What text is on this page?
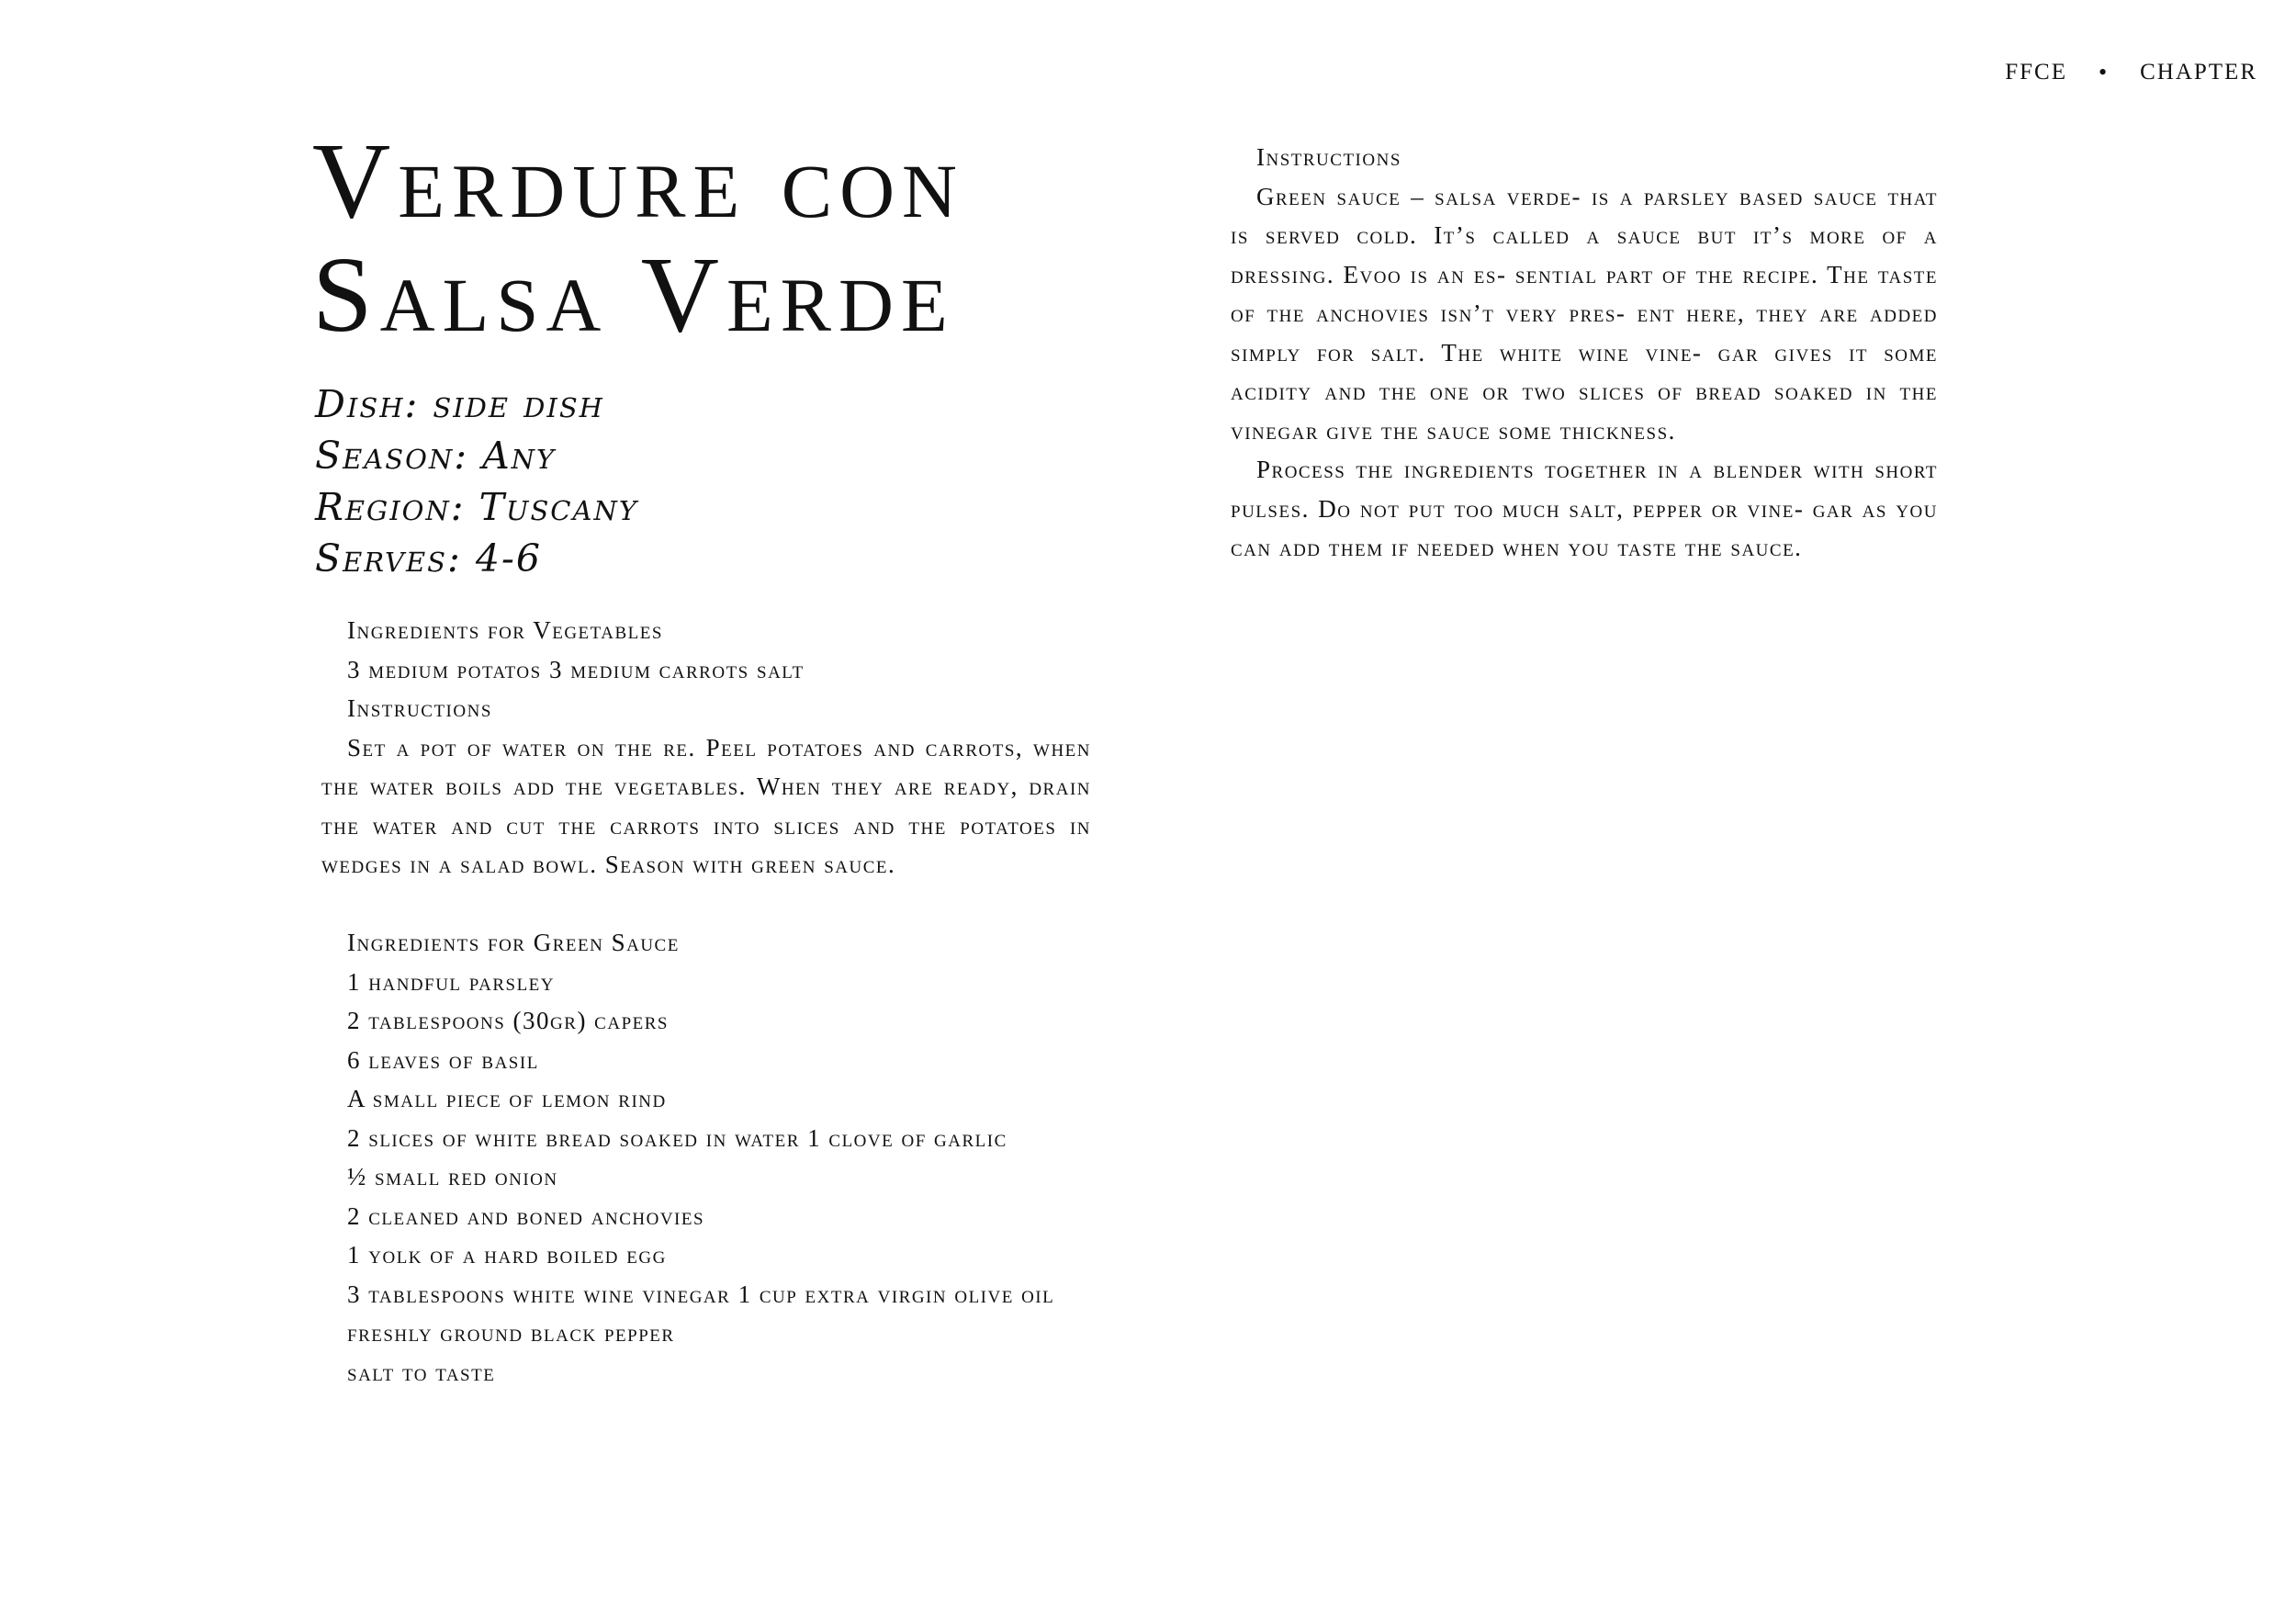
FFCE • CHAPTER
Verdure con
Salsa Verde
Dish: side dish
Season: Any
Region: Tuscany
Serves: 4-6
Ingredients for Vegetables
3 medium potatos 3 medium carrots salt
Instructions

Set a pot of water on the re. Peel potatoes and carrots, when the water boils add the vegetables. When they are ready, drain the water and cut the carrots into slices and the potatoes in wedges in a salad bowl. Season with green sauce.

Ingredients for Green Sauce
1 handful parsley
2 tablespoons (30gr) capers
6 leaves of basil
A small piece of lemon rind
2 slices of white bread soaked in water 1 clove of garlic
½ small red onion
2 cleaned and boned anchovies
1 yolk of a hard boiled egg

3 tablespoons white wine vinegar 1 cup extra virgin olive oil

freshly ground black pepper
salt to taste
Instructions

Green sauce – salsa verde- is a parsley based sauce that is served cold. It’s called a sauce but it’s more of a dressing. Evoo is an es- sential part of the recipe. The taste of the anchovies isn’t very pres- ent here, they are added simply for salt. The white wine vine- gar gives it some acidity and the one or two slices of bread soaked in the vinegar give the sauce some thickness.

Process the ingredients together in a blender with short pulses. Do not put too much salt, pepper or vine- gar as you can add them if needed when you taste the sauce.
